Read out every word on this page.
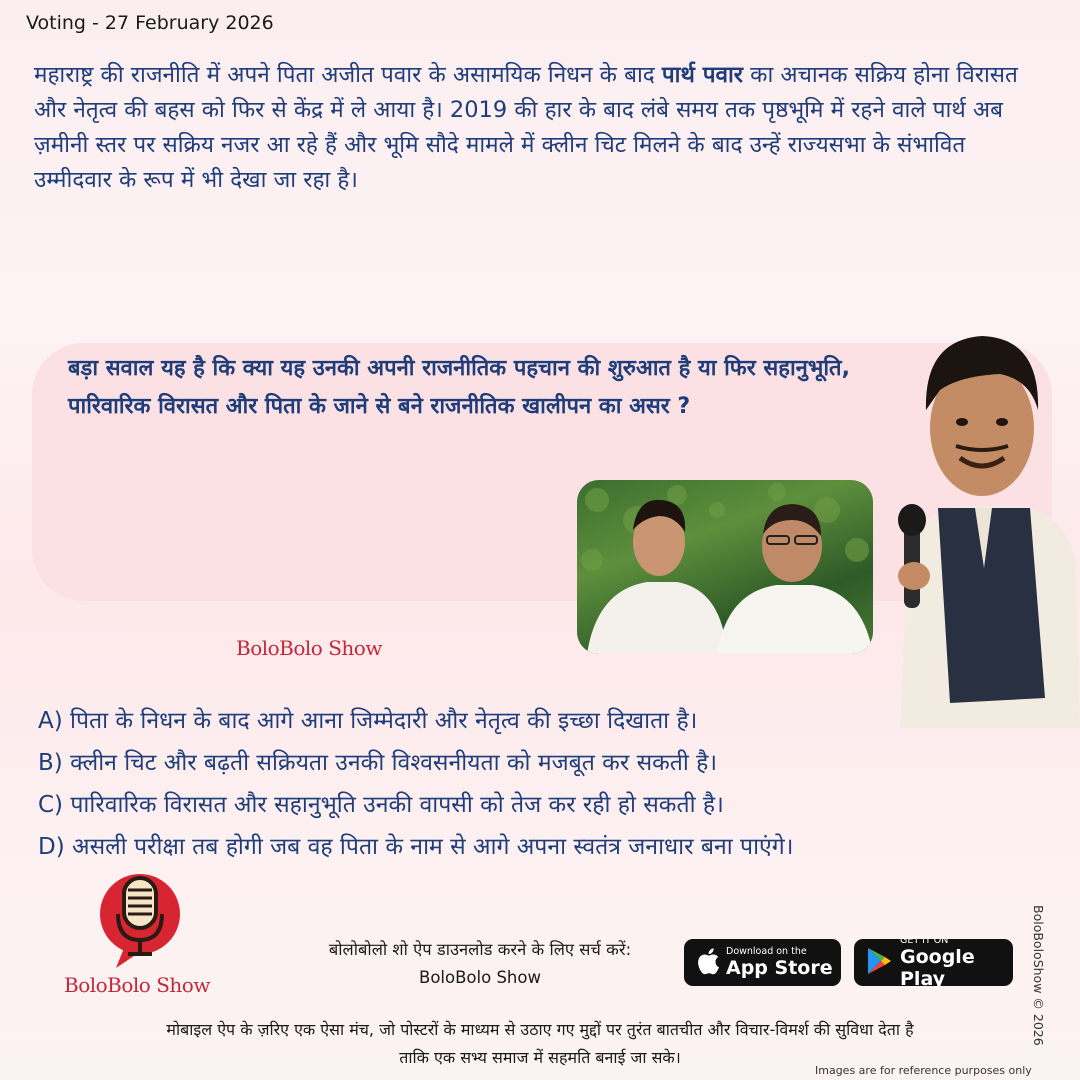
Voting - 27 February 2026
महाराष्ट्र की राजनीति में अपने पिता अजीत पवार के असामयिक निधन के बाद पार्थ पवार का अचानक सक्रिय होना विरासत और नेतृत्व की बहस को फिर से केंद्र में ले आया है। 2019 की हार के बाद लंबे समय तक पृष्ठभूमि में रहने वाले पार्थ अब ज़मीनी स्तर पर सक्रिय नजर आ रहे हैं और भूमि सौदे मामले में क्लीन चिट मिलने के बाद उन्हें राज्यसभा के संभावित उम्मीदवार के रूप में भी देखा जा रहा है।
बड़ा सवाल यह है कि क्या यह उनकी अपनी राजनीतिक पहचान की शुरुआत है या फिर सहानुभूति, पारिवारिक विरासत और पिता के जाने से बने राजनीतिक खालीपन का असर ?
BoloBolo Show
A) पिता के निधन के बाद आगे आना जिम्मेदारी और नेतृत्व की इच्छा दिखाता है।
B) क्लीन चिट और बढ़ती सक्रियता उनकी विश्वसनीयता को मजबूत कर सकती है।
C) पारिवारिक विरासत और सहानुभूति उनकी वापसी को तेज कर रही हो सकती है।
D) असली परीक्षा तब होगी जब वह पिता के नाम से आगे अपना स्वतंत्र जनाधार बना पाएंगे।
BoloBolo Show
बोलोबोलो शो ऐप डाउनलोड करने के लिए सर्च करें:
BoloBolo Show
Download on the
App Store
GET IT ON
Google Play
मोबाइल ऐप के ज़रिए एक ऐसा मंच, जो पोस्टरों के माध्यम से उठाए गए मुद्दों पर तुरंत बातचीत और विचार-विमर्श की सुविधा देता है
ताकि एक सभ्य समाज में सहमति बनाई जा सके।
BoloBoloShow © 2026
Images are for reference purposes only
